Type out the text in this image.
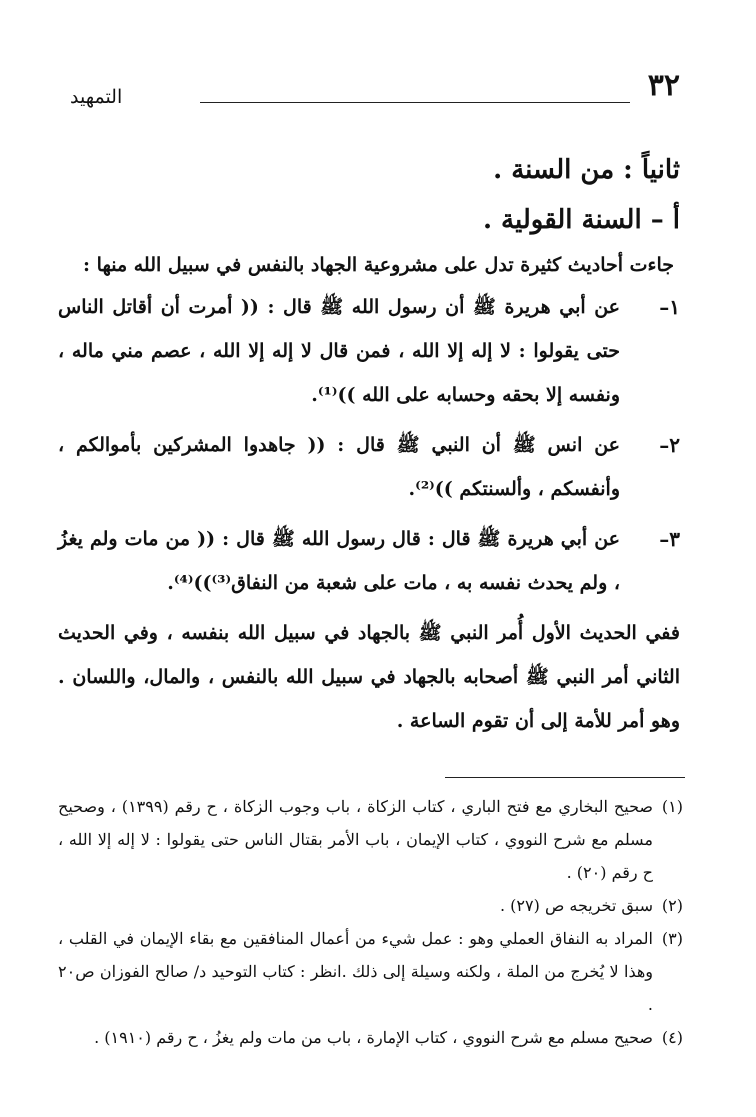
٣٢
التمهيد

ثانياً : من السنة .

أ – السنة القولية .

جاءت أحاديث كثيرة تدل على مشروعية الجهاد بالنفس في سبيل الله منها :

١–

عن أبي هريرة ﷺ أن رسول الله ﷺ قال : (( أمرت أن أقاتل الناس حتى يقولوا : لا إله إلا الله ، فمن قال لا إله إلا الله ، عصم مني ماله ، ونفسه إلا بحقه وحسابه على الله ))⁽¹⁾.

٢–

عن انس ﷺ أن النبي ﷺ قال : (( جاهدوا المشركين بأموالكم ، وأنفسكم ، وألسنتكم ))⁽²⁾.

٣–

عن أبي هريرة ﷺ قال : قال رسول الله ﷺ قال : (( من مات ولم يغزُ ، ولم يحدث نفسه به ، مات على شعبة من النفاق⁽³⁾))⁽⁴⁾.

ففي الحديث الأول أُمر النبي ﷺ بالجهاد في سبيل الله بنفسه ، وفي الحديث الثاني أمر النبي ﷺ أصحابه بالجهاد في سبيل الله بالنفس ، والمال، واللسان . وهو أمر للأمة إلى أن تقوم الساعة .

(١)
صحيح البخاري مع فتح الباري ، كتاب الزكاة ، باب وجوب الزكاة ، ح رقم (١٣٩٩) ، وصحيح مسلم مع شرح النووي ، كتاب الإيمان ، باب الأمر بقتال الناس حتى يقولوا : لا إله إلا الله ، ح رقم (٢٠) .

(٢)
سبق تخريجه ص (٢٧) .

(٣)
المراد به النفاق العملي وهو : عمل شيء من أعمال المنافقين مع بقاء الإيمان في القلب ، وهذا لا يُخرج من الملة ، ولكنه وسيلة إلى ذلك .انظر : كتاب التوحيد د/ صالح الفوزان ص٢٠ .

(٤)
صحيح مسلم مع شرح النووي ، كتاب الإمارة ، باب من مات ولم يغزُ ، ح رقم (١٩١٠) .
